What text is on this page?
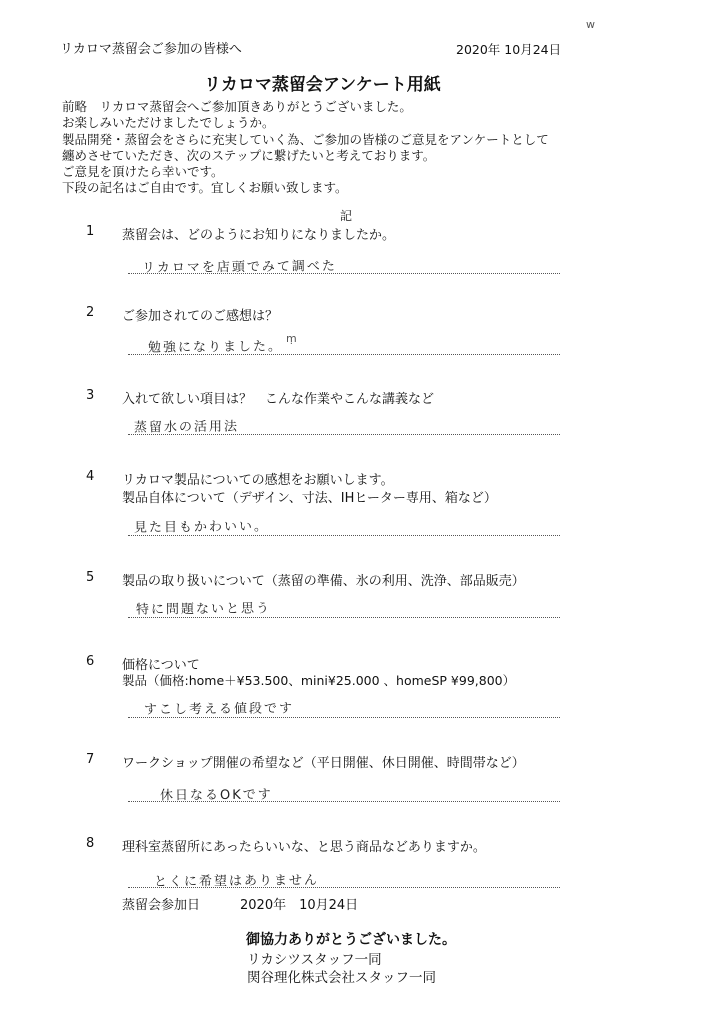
リカロマ蒸留会ご参加の皆様へ	2020年 10月24日
w
リカロマ蒸留会アンケート用紙
前略　リカロマ蒸留会へご参加頂きありがとうございました。
お楽しみいただけましたでしょうか。
製品開発・蒸留会をさらに充実していく為、ご参加の皆様のご意見をアンケートとして
纏めさせていただき、次のステップに繋げたいと考えております。
ご意見を頂けたら幸いです。
下段の記名はご自由です。宜しくお願い致します。
記
1 蒸留会は、どのようにお知りになりましたか。
リカロマを店頭でみて調べた
2 ご参加されてのご感想は？
勉強になりました。
ṃ
3 入れて欲しい項目は？　こんな作業やこんな講義など
蒸留水の活用法
4 リカロマ製品についての感想をお願いします。
製品自体について（デザイン、寸法、IHヒーター専用、箱など）
見た目もかわいい。
5 製品の取り扱いについて（蒸留の準備、氷の利用、洗浄、部品販売）
特に問題ないと思う
6 価格について
製品（価格:home＋¥53.500、mini¥25.000 、homeSP ¥99,800）
すこし考える値段です
7 ワークショップ開催の希望など（平日開催、休日開催、時間帯など）
休日なるOKです
8 理科室蒸留所にあったらいいな、と思う商品などありますか。
とくに希望はありません
蒸留会参加日	2020年　10月24日
御協力ありがとうございました。
リカシツスタッフ一同
関谷理化株式会社スタッフ一同
